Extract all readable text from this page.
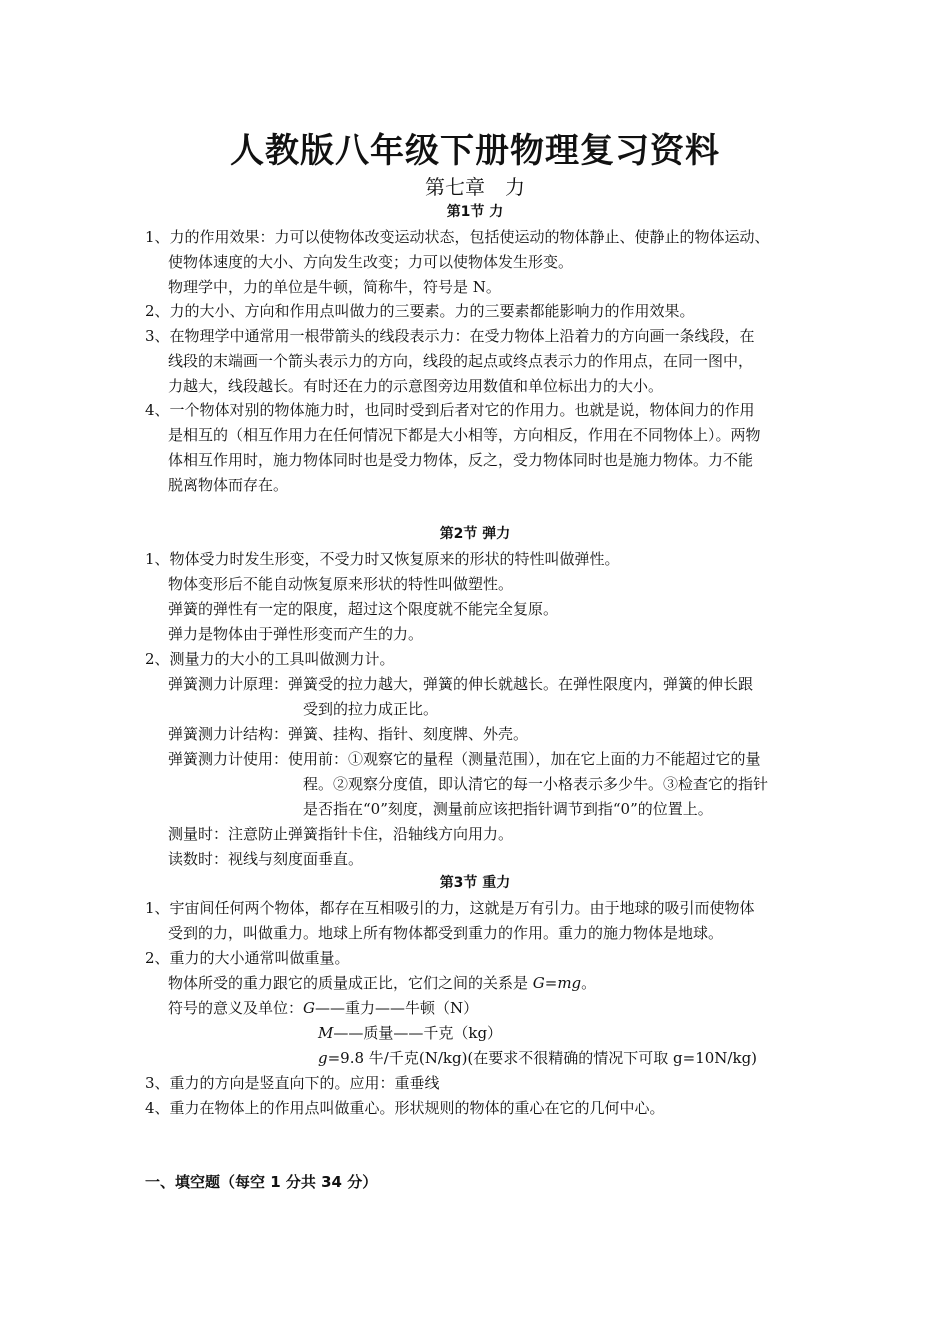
人教版八年级下册物理复习资料
第七章　力
第1节 力
1、力的作用效果：力可以使物体改变运动状态，包括使运动的物体静止、使静止的物体运动、
使物体速度的大小、方向发生改变；力可以使物体发生形变。
物理学中，力的单位是牛顿，简称牛，符号是 N。
2、力的大小、方向和作用点叫做力的三要素。力的三要素都能影响力的作用效果。
3、在物理学中通常用一根带箭头的线段表示力：在受力物体上沿着力的方向画一条线段，在
线段的末端画一个箭头表示力的方向，线段的起点或终点表示力的作用点，在同一图中，
力越大，线段越长。有时还在力的示意图旁边用数值和单位标出力的大小。
4、一个物体对别的物体施力时，也同时受到后者对它的作用力。也就是说，物体间力的作用
是相互的（相互作用力在任何情况下都是大小相等，方向相反，作用在不同物体上）。两物
体相互作用时，施力物体同时也是受力物体，反之，受力物体同时也是施力物体。力不能
脱离物体而存在。
第2节 弹力
1、物体受力时发生形变，不受力时又恢复原来的形状的特性叫做弹性。
物体变形后不能自动恢复原来形状的特性叫做塑性。
弹簧的弹性有一定的限度，超过这个限度就不能完全复原。
弹力是物体由于弹性形变而产生的力。
2、测量力的大小的工具叫做测力计。
弹簧测力计原理：弹簧受的拉力越大，弹簧的伸长就越长。在弹性限度内，弹簧的伸长跟
受到的拉力成正比。
弹簧测力计结构：弹簧、挂构、指针、刻度牌、外壳。
弹簧测力计使用：使用前：①观察它的量程（测量范围），加在它上面的力不能超过它的量
程。②观察分度值，即认清它的每一小格表示多少牛。③检查它的指针
是否指在“0”刻度，测量前应该把指针调节到指“0”的位置上。
测量时：注意防止弹簧指针卡住，沿轴线方向用力。
读数时：视线与刻度面垂直。
第3节 重力
1、宇宙间任何两个物体，都存在互相吸引的力，这就是万有引力。由于地球的吸引而使物体
受到的力，叫做重力。地球上所有物体都受到重力的作用。重力的施力物体是地球。
2、重力的大小通常叫做重量。
物体所受的重力跟它的质量成正比，它们之间的关系是 G=mg。
符号的意义及单位：G——重力——牛顿（N）
M——质量——千克（kg）
g=9.8 牛/千克(N/kg)(在要求不很精确的情况下可取 g=10N/kg)
3、重力的方向是竖直向下的。应用：重垂线
4、重力在物体上的作用点叫做重心。形状规则的物体的重心在它的几何中心。
一、填空题（每空 1 分共 34 分）
